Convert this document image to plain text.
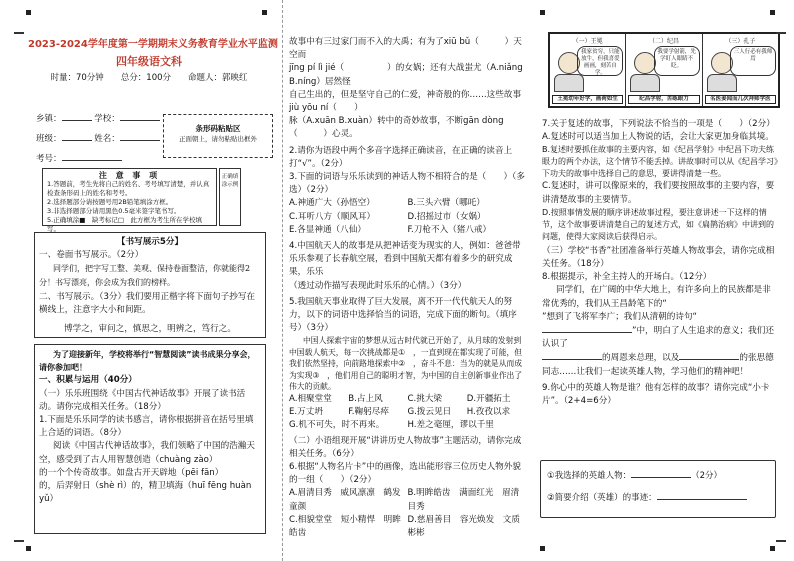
2023-2024学年度第一学期期末义务教育学业水平监测
四年级语文科
时量：70分钟　　总分：100分　　命题人：郭映红
乡镇：	学校：
班级：	姓名：
考号：
条形码粘贴区
正面朝上，请勿粘贴出框外
注 意 事 项
1.答题前，考生先将自己的姓名、考号填写清楚，并认真检查条形码上的姓名和考号。
2.选择题部分请按题号用2B铅笔填涂方框。
3.非选择题部分请用黑色0.5毫米签字笔书写。
5.正确填涂■　缺考标记□　此方框为考生所在学校填写。
正确填涂示例
【书写展示5分】
一、卷面书写展示。（2分）
同学们，把字写工整、美观、保持卷面整洁，你就能得2分！书写漂亮，你会成为我们的榜样。
二、书写展示。（3分）我们要用正楷字将下面句子抄写在横线上，注意字大小和间距。
博学之，审问之，慎思之，明辨之，笃行之。
为了迎接新年，学校将举行“智慧阅读”读书成果分享会，请你参加吧！
一、积累与运用（40分）
（一）乐乐班围绕《中国古代神话故事》开展了读书活动。请你完成相关任务。（18分）
1.下面是乐乐同学的读书感言，请你根据拼音在括号里填上合适的词语。（8分）
阅读《中国古代神话故事》，我们领略了中国的浩瀚天空，感受到了古人用智慧创造（chuàng zào）
的一个个传奇故事。如盘古开天辟地（pēi fān）
的，后羿射日（shè rì）的，精卫填海（huī fēng huàn yǔ）
故事中有三过家门而不入的大禹；有为了xiū bǔ（　　　）天空而
jīng pí lì jié（　　　　　）的女娲；还有大战蚩尤（A.niǎng B.níng）居然怪
自己生出的，但是坚守自己的仁爱，神奇般的你……这些故事jiù yōu ní（　　）
脉（A.xuān B.xuàn）转中的奇妙故事，不断gān dòng（　　　）心灵。
2.请你为语段中两个多音字选择正确读音，在正确的读音上打“√”。（2分）
3.下面的词语与乐乐读到的神话人物不相符合的是（　　）（多选）（2分）
A.神通广大（孙悟空）	B.三头六臂（哪吒）
C.耳听八方（顺风耳）	D.招摇过市（女娲）
E.各显神通（八仙）	F.刀枪不入（猪八戒）
4.中国航天人的故事是从把神话变为现实的人，例如：爸爸带乐乐参观了长春航空展，看到中国航天都有着多少的研究成果，乐乐
（透过动作描写表现此时乐乐的心情。）（3分）
5.我国航天事业取得了巨大发展，离不开一代代航天人的努力，以下的词语中选择恰当的词语，完成下面的断句。（填序号）（3分）
中国人探索宇宙的梦想从远古时代就已开始了，从月球的发射到中国载人航天，每一次挑战都是①　，一直到现在都实现了可能，但我们依然坚持，向前路地探索中②　，奋斗不息：当为的就是从而成为实现③　，他们用自己的聪明才智，为中国的自主创新事业作出了伟大的贡献。
A.相聚堂堂	B.占上风	C.挑大梁	D.开疆拓土
E.万丈坍	F.鞠躬尽瘁	G.拨云见日	H.孜孜以求
G.机不可失，时不再来。	H.差之毫厘，谬以千里
（二）小语组现开展“讲讲历史人物故事”主题活动，请你完成相关任务。（6分）
6.根据“人物名片卡”中的画像，选出能形容三位历史人物外貌的一组（　　）（2分）
A.眉清目秀　威风凛凛　鹤发童颜
B.明眸皓齿　满面红光　眉清目秀
C.相貌堂堂　短小精悍　明眸皓齿
D.慈眉善目　容光焕发　文质彬彬
（一）王冕
我家贫穷，只能放牛，但我喜爱画画，刻苦自学。
王冕幼年好学，画荷如生
（二）纪昌
我要学射箭，先学盯人眼睛不眨。
纪昌学射，苦练眼力
（三）孔子
三人行必有我师焉
名医姜闻而几次拜师学医
7.关于复述的故事，下列说法不恰当的一项是（　　）（2分）
A.复述时可以适当加上人物说的话，会让大家更加身临其境。
B.复述时要抓住故事的主要内容，如《纪昌学射》中纪昌下功夫练眼力的两个办法，这个情节不能丢掉。讲故事时可以从《纪昌学习》下功夫的故事中选择自己的意思，要讲得清楚一些。
C.复述时，讲可以像原来的，我们要按照故事的主要内容，要讲清楚故事的主要情节。
D.按照事情发展的顺序讲述故事过程，要注意讲述一下这样的情节，这个故事要讲清楚自己的复述方式，如《扁鹊治病》中讲到的问题，使得大家阅读后获得启示。
（三）学校“书香”社团准备举行英雄人物故事会，请你完成相关任务。（18分）
8.根据提示，补全主持人的开场白。（12分）
同学们，在广阔的中华大地上，有许多向上的民族都是非常优秀的，我们从王昌龄笔下的“
”想到了飞将军李广；我们从清朝的诗句“”中，明白了人生追求的意义；我们还认识了
的周恩来总理，以及	的张思德同志……让我们一起读英雄人物，学习他们的精神吧！
9.你心中的英雄人物是谁？他有怎样的故事？请你完成“小卡片”。（2+4=6分）
①我选择的英雄人物：	（2分）
②简要介绍（英雄）的事迹：
